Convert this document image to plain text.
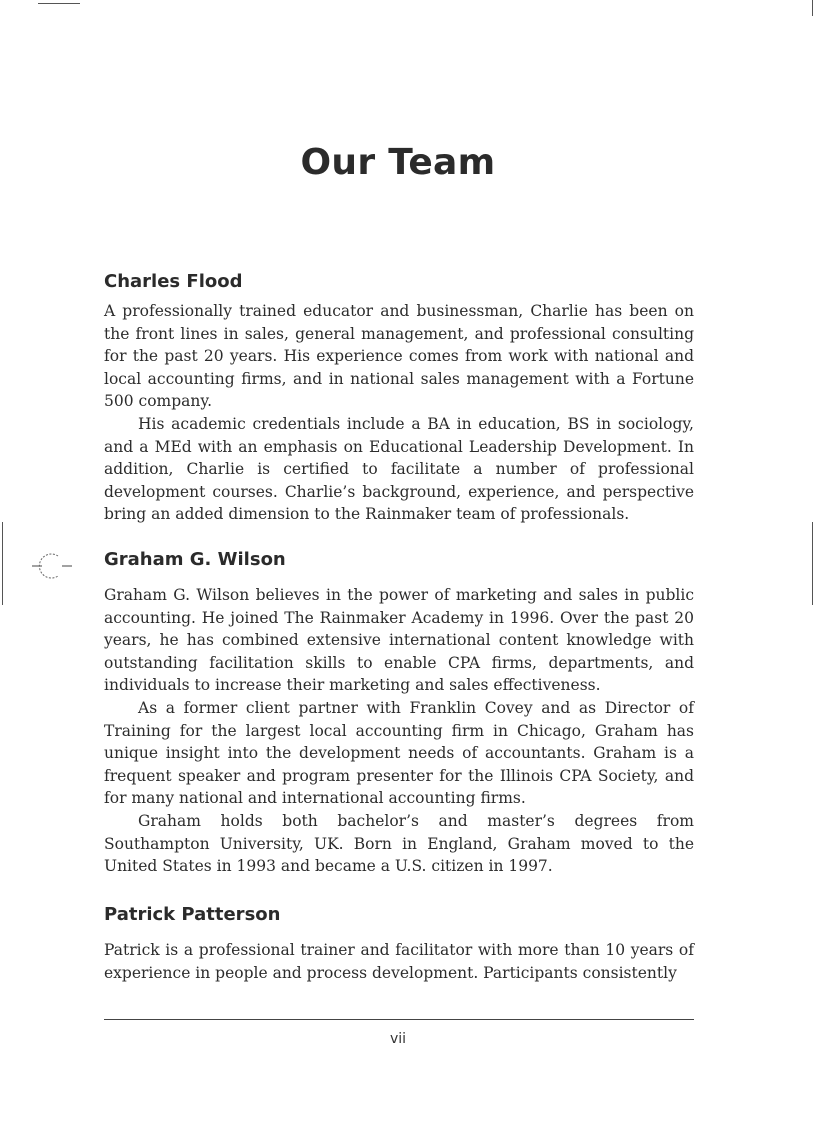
Our Team
Charles Flood

A professionally trained educator and businessman, Charlie has been on the front lines in sales, general management, and professional consulting for the past 20 years. His experience comes from work with national and local accounting firms, and in national sales management with a Fortune 500 company.

His academic credentials include a BA in education, BS in sociology, and a MEd with an emphasis on Educational Leadership Development. In addition, Charlie is certified to facilitate a number of professional development courses. Charlie’s background, experience, and perspective bring an added dimension to the Rainmaker team of professionals.

Graham G. Wilson

Graham G. Wilson believes in the power of marketing and sales in public accounting. He joined The Rainmaker Academy in 1996. Over the past 20 years, he has combined extensive international content knowledge with outstanding facilitation skills to enable CPA firms, departments, and individuals to increase their marketing and sales effectiveness.

As a former client partner with Franklin Covey and as Director of Training for the largest local accounting firm in Chicago, Graham has unique insight into the development needs of accountants. Graham is a frequent speaker and program presenter for the Illinois CPA Society, and for many national and international accounting firms.

Graham holds both bachelor’s and master’s degrees from Southampton University, UK. Born in England, Graham moved to the United States in 1993 and became a U.S. citizen in 1997.

Patrick Patterson

Patrick is a professional trainer and facilitator with more than 10 years of experience in people and process development. Participants consistently

vii
